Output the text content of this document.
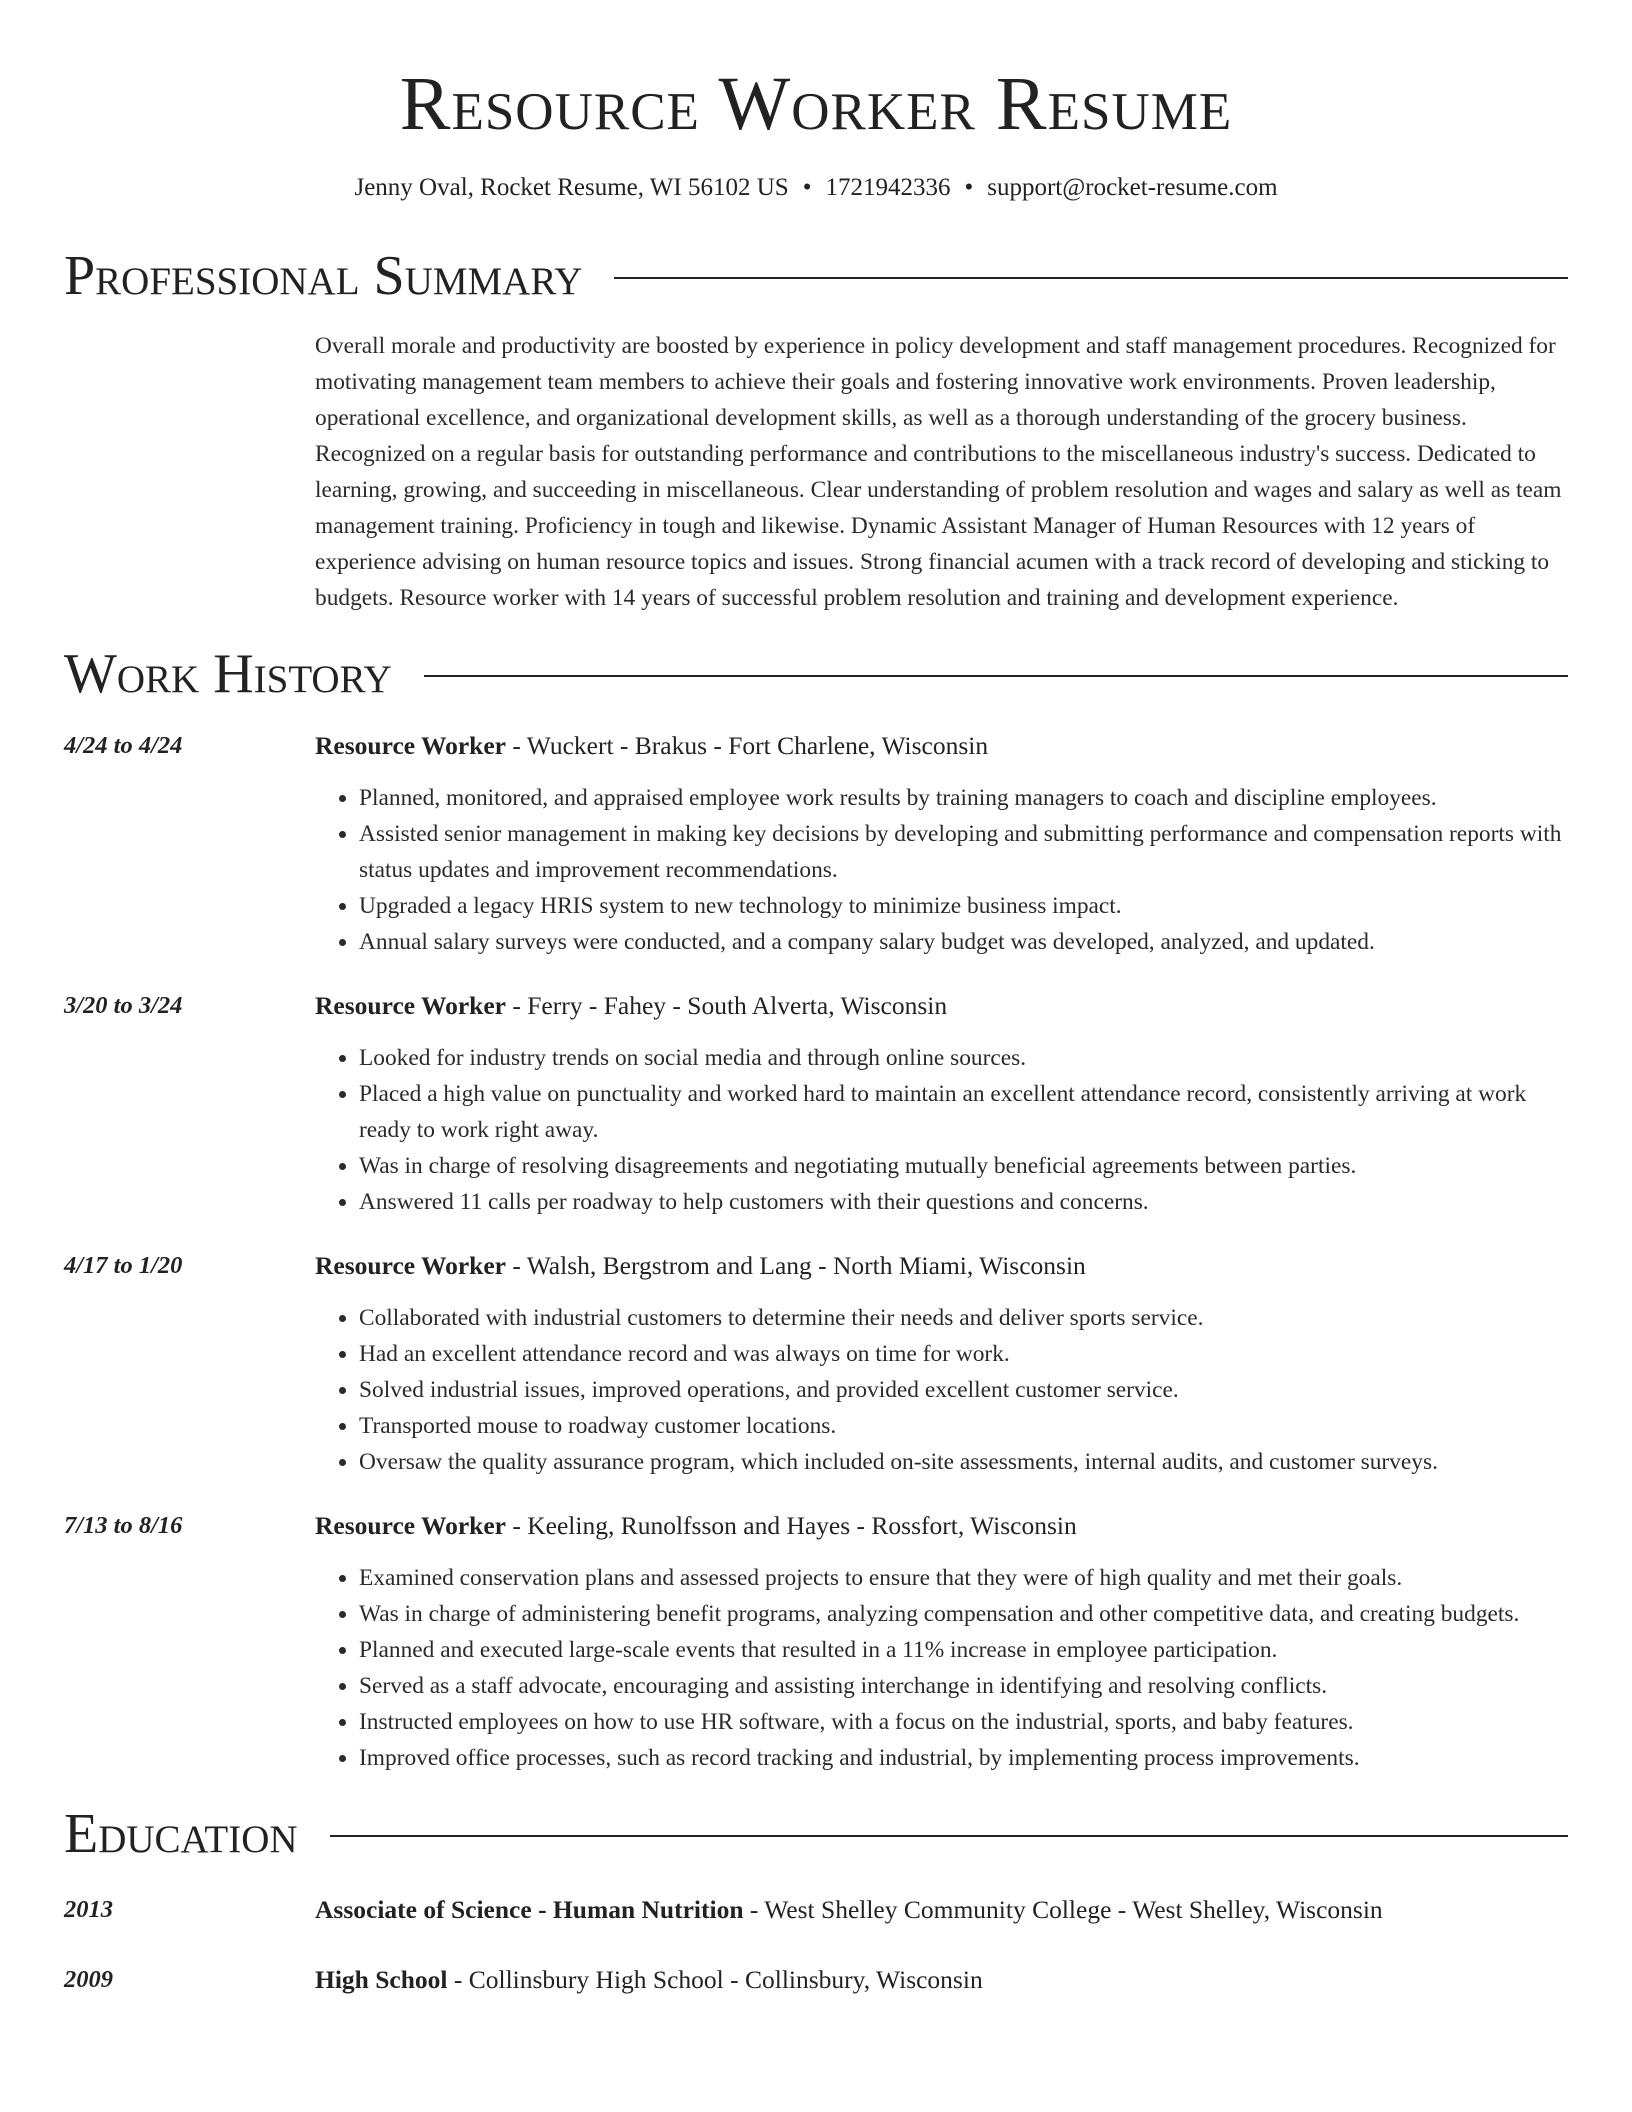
Resource Worker Resume
Jenny Oval, Rocket Resume, WI 56102 US • 1721942336 • support@rocket-resume.com
Professional Summary
Overall morale and productivity are boosted by experience in policy development and staff management procedures. Recognized for motivating management team members to achieve their goals and fostering innovative work environments. Proven leadership, operational excellence, and organizational development skills, as well as a thorough understanding of the grocery business. Recognized on a regular basis for outstanding performance and contributions to the miscellaneous industry's success. Dedicated to learning, growing, and succeeding in miscellaneous. Clear understanding of problem resolution and wages and salary as well as team management training. Proficiency in tough and likewise. Dynamic Assistant Manager of Human Resources with 12 years of experience advising on human resource topics and issues. Strong financial acumen with a track record of developing and sticking to budgets. Resource worker with 14 years of successful problem resolution and training and development experience.
Work History
4/24 to 4/24	Resource Worker - Wuckert - Brakus - Fort Charlene, Wisconsin
• Planned, monitored, and appraised employee work results by training managers to coach and discipline employees.
• Assisted senior management in making key decisions by developing and submitting performance and compensation reports with status updates and improvement recommendations.
• Upgraded a legacy HRIS system to new technology to minimize business impact.
• Annual salary surveys were conducted, and a company salary budget was developed, analyzed, and updated.
3/20 to 3/24	Resource Worker - Ferry - Fahey - South Alverta, Wisconsin
• Looked for industry trends on social media and through online sources.
• Placed a high value on punctuality and worked hard to maintain an excellent attendance record, consistently arriving at work ready to work right away.
• Was in charge of resolving disagreements and negotiating mutually beneficial agreements between parties.
• Answered 11 calls per roadway to help customers with their questions and concerns.
4/17 to 1/20	Resource Worker - Walsh, Bergstrom and Lang - North Miami, Wisconsin
• Collaborated with industrial customers to determine their needs and deliver sports service.
• Had an excellent attendance record and was always on time for work.
• Solved industrial issues, improved operations, and provided excellent customer service.
• Transported mouse to roadway customer locations.
• Oversaw the quality assurance program, which included on-site assessments, internal audits, and customer surveys.
7/13 to 8/16	Resource Worker - Keeling, Runolfsson and Hayes - Rossfort, Wisconsin
• Examined conservation plans and assessed projects to ensure that they were of high quality and met their goals.
• Was in charge of administering benefit programs, analyzing compensation and other competitive data, and creating budgets.
• Planned and executed large-scale events that resulted in a 11% increase in employee participation.
• Served as a staff advocate, encouraging and assisting interchange in identifying and resolving conflicts.
• Instructed employees on how to use HR software, with a focus on the industrial, sports, and baby features.
• Improved office processes, such as record tracking and industrial, by implementing process improvements.
Education
2013	Associate of Science - Human Nutrition - West Shelley Community College - West Shelley, Wisconsin
2009	High School - Collinsbury High School - Collinsbury, Wisconsin
